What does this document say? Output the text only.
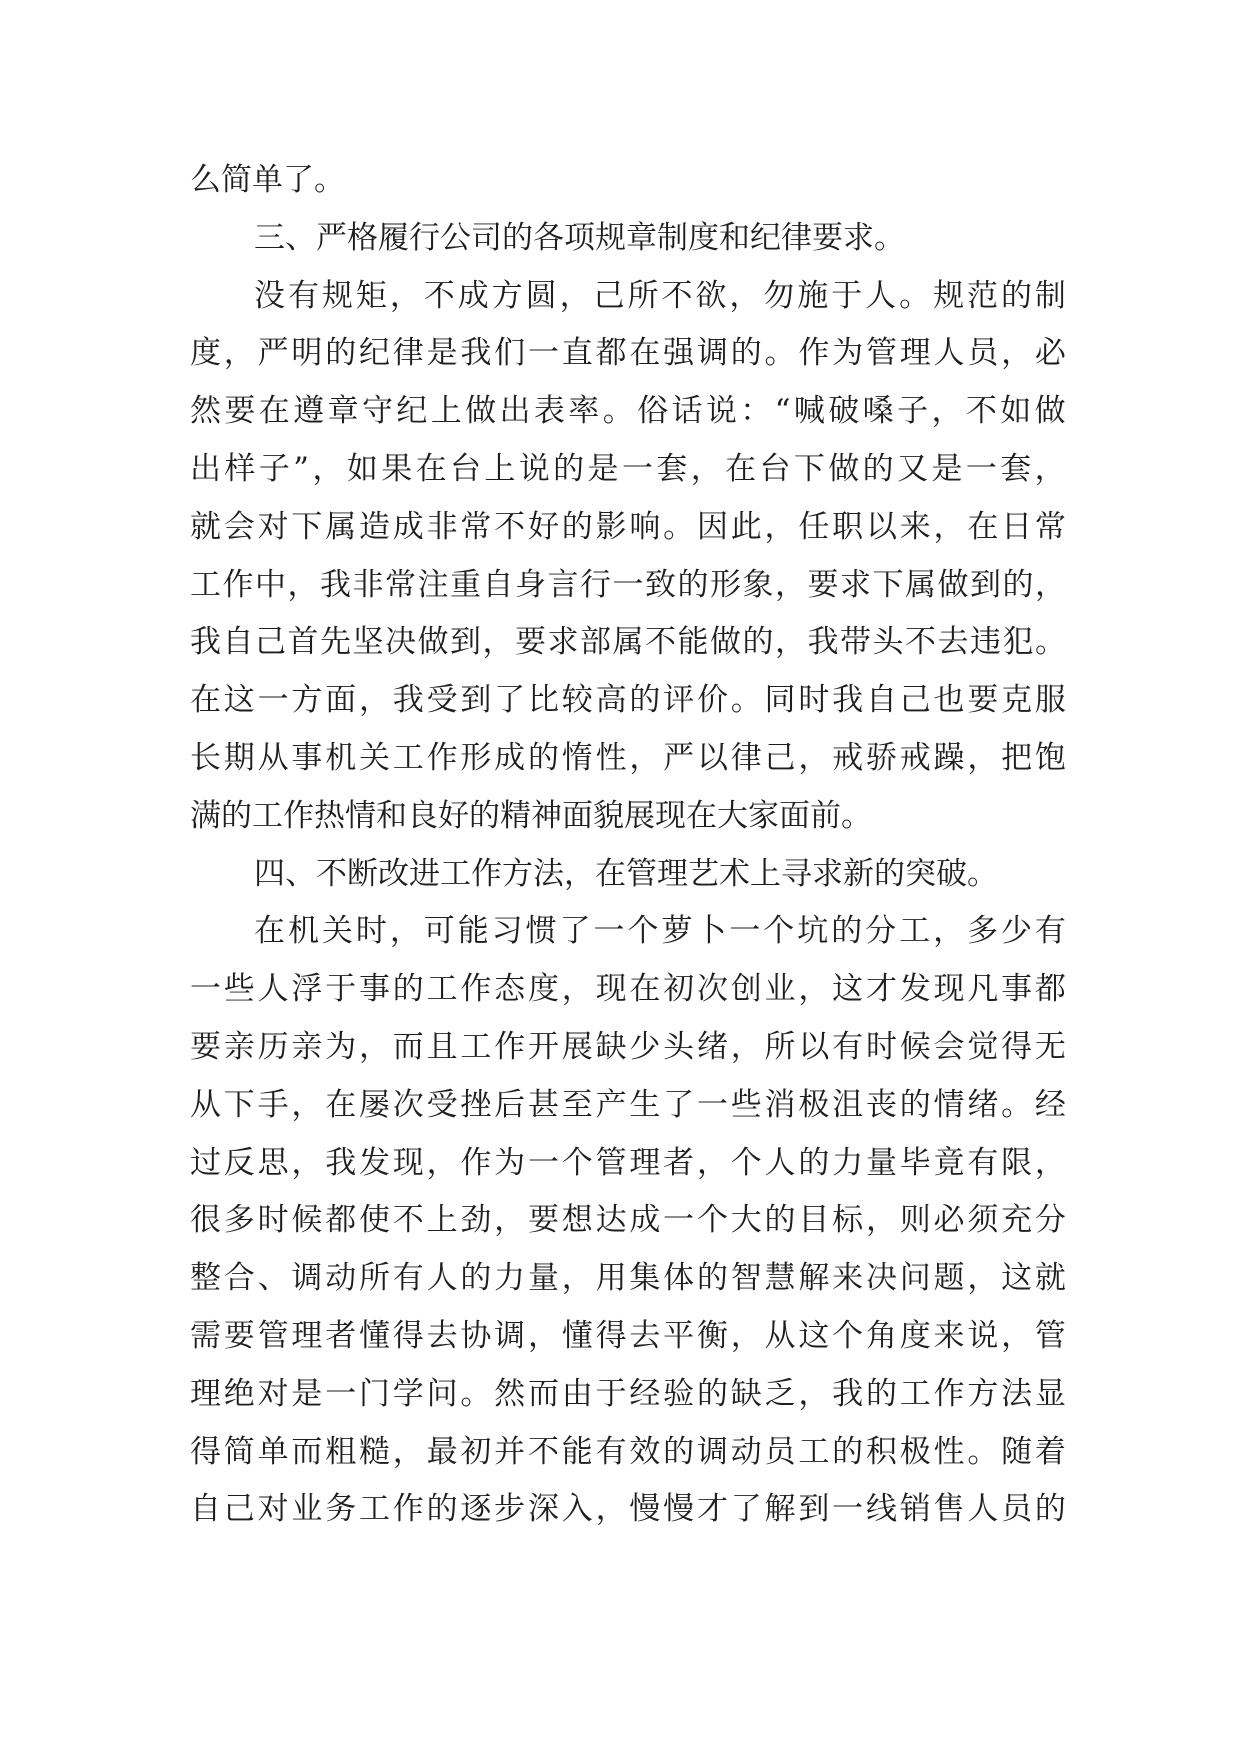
么 简 单 了 。
三 、 严 格 履 行 公 司 的 各 项 规 章 制 度 和 纪 律 要 求 。
没 有 规 矩 ， 不 成 方 圆 ， 己 所 不 欲 ， 勿 施 于 人 。 规 范 的 制
度 ， 严 明 的 纪 律 是 我 们 一 直 都 在 强 调 的 。 作 为 管 理 人 员 ， 必
然 要 在 遵 章 守 纪 上 做 出 表 率 。 俗 话 说 ： “ 喊 破 嗓 子 ， 不 如 做
出 样 子 ” ， 如 果 在 台 上 说 的 是 一 套 ， 在 台 下 做 的 又 是 一 套 ，
就 会 对 下 属 造 成 非 常 不 好 的 影 响 。 因 此 ， 任 职 以 来 ， 在 日 常
工 作 中 ， 我 非 常 注 重 自 身 言 行 一 致 的 形 象 ， 要 求 下 属 做 到 的 ，
我 自 己 首 先 坚 决 做 到 ， 要 求 部 属 不 能 做 的 ， 我 带 头 不 去 违 犯 。
在 这 一 方 面 ， 我 受 到 了 比 较 高 的 评 价 。 同 时 我 自 己 也 要 克 服
长 期 从 事 机 关 工 作 形 成 的 惰 性 ， 严 以 律 己 ， 戒 骄 戒 躁 ， 把 饱
满 的 工 作 热 情 和 良 好 的 精 神 面 貌 展 现 在 大 家 面 前 。
四 、 不 断 改 进 工 作 方 法 ， 在 管 理 艺 术 上 寻 求 新 的 突 破 。
在 机 关 时 ， 可 能 习 惯 了 一 个 萝 卜 一 个 坑 的 分 工 ， 多 少 有
一 些 人 浮 于 事 的 工 作 态 度 ， 现 在 初 次 创 业 ， 这 才 发 现 凡 事 都
要 亲 历 亲 为 ， 而 且 工 作 开 展 缺 少 头 绪 ， 所 以 有 时 候 会 觉 得 无
从 下 手 ， 在 屡 次 受 挫 后 甚 至 产 生 了 一 些 消 极 沮 丧 的 情 绪 。 经
过 反 思 ， 我 发 现 ， 作 为 一 个 管 理 者 ， 个 人 的 力 量 毕 竟 有 限 ，
很 多 时 候 都 使 不 上 劲 ， 要 想 达 成 一 个 大 的 目 标 ， 则 必 须 充 分
整 合 、 调 动 所 有 人 的 力 量 ， 用 集 体 的 智 慧 解 来 决 问 题 ， 这 就
需 要 管 理 者 懂 得 去 协 调 ， 懂 得 去 平 衡 ， 从 这 个 角 度 来 说 ， 管
理 绝 对 是 一 门 学 问 。 然 而 由 于 经 验 的 缺 乏 ， 我 的 工 作 方 法 显
得 简 单 而 粗 糙 ， 最 初 并 不 能 有 效 的 调 动 员 工 的 积 极 性 。 随 着
自 己 对 业 务 工 作 的 逐 步 深 入 ， 慢 慢 才 了 解 到 一 线 销 售 人 员 的
